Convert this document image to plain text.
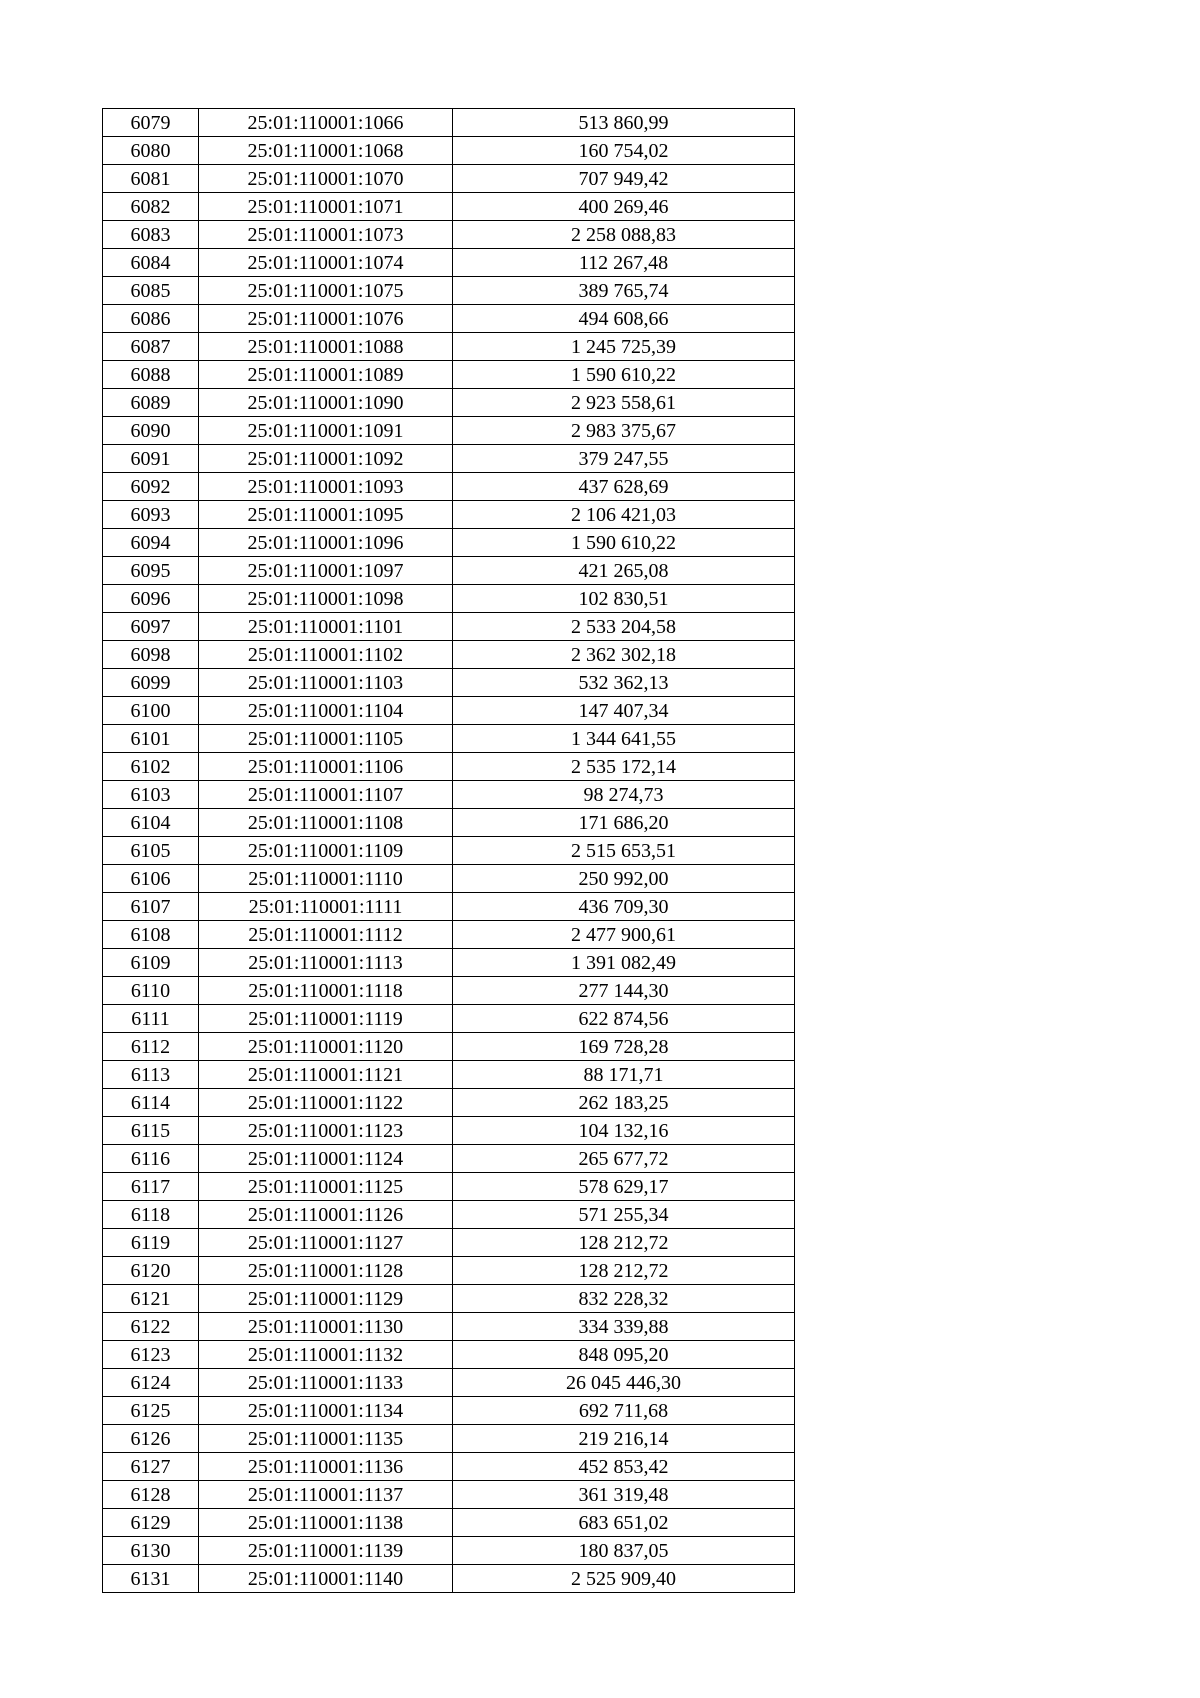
6079	25:01:110001:1066	513 860,99
6080	25:01:110001:1068	160 754,02
6081	25:01:110001:1070	707 949,42
6082	25:01:110001:1071	400 269,46
6083	25:01:110001:1073	2 258 088,83
6084	25:01:110001:1074	112 267,48
6085	25:01:110001:1075	389 765,74
6086	25:01:110001:1076	494 608,66
6087	25:01:110001:1088	1 245 725,39
6088	25:01:110001:1089	1 590 610,22
6089	25:01:110001:1090	2 923 558,61
6090	25:01:110001:1091	2 983 375,67
6091	25:01:110001:1092	379 247,55
6092	25:01:110001:1093	437 628,69
6093	25:01:110001:1095	2 106 421,03
6094	25:01:110001:1096	1 590 610,22
6095	25:01:110001:1097	421 265,08
6096	25:01:110001:1098	102 830,51
6097	25:01:110001:1101	2 533 204,58
6098	25:01:110001:1102	2 362 302,18
6099	25:01:110001:1103	532 362,13
6100	25:01:110001:1104	147 407,34
6101	25:01:110001:1105	1 344 641,55
6102	25:01:110001:1106	2 535 172,14
6103	25:01:110001:1107	98 274,73
6104	25:01:110001:1108	171 686,20
6105	25:01:110001:1109	2 515 653,51
6106	25:01:110001:1110	250 992,00
6107	25:01:110001:1111	436 709,30
6108	25:01:110001:1112	2 477 900,61
6109	25:01:110001:1113	1 391 082,49
6110	25:01:110001:1118	277 144,30
6111	25:01:110001:1119	622 874,56
6112	25:01:110001:1120	169 728,28
6113	25:01:110001:1121	88 171,71
6114	25:01:110001:1122	262 183,25
6115	25:01:110001:1123	104 132,16
6116	25:01:110001:1124	265 677,72
6117	25:01:110001:1125	578 629,17
6118	25:01:110001:1126	571 255,34
6119	25:01:110001:1127	128 212,72
6120	25:01:110001:1128	128 212,72
6121	25:01:110001:1129	832 228,32
6122	25:01:110001:1130	334 339,88
6123	25:01:110001:1132	848 095,20
6124	25:01:110001:1133	26 045 446,30
6125	25:01:110001:1134	692 711,68
6126	25:01:110001:1135	219 216,14
6127	25:01:110001:1136	452 853,42
6128	25:01:110001:1137	361 319,48
6129	25:01:110001:1138	683 651,02
6130	25:01:110001:1139	180 837,05
6131	25:01:110001:1140	2 525 909,40
